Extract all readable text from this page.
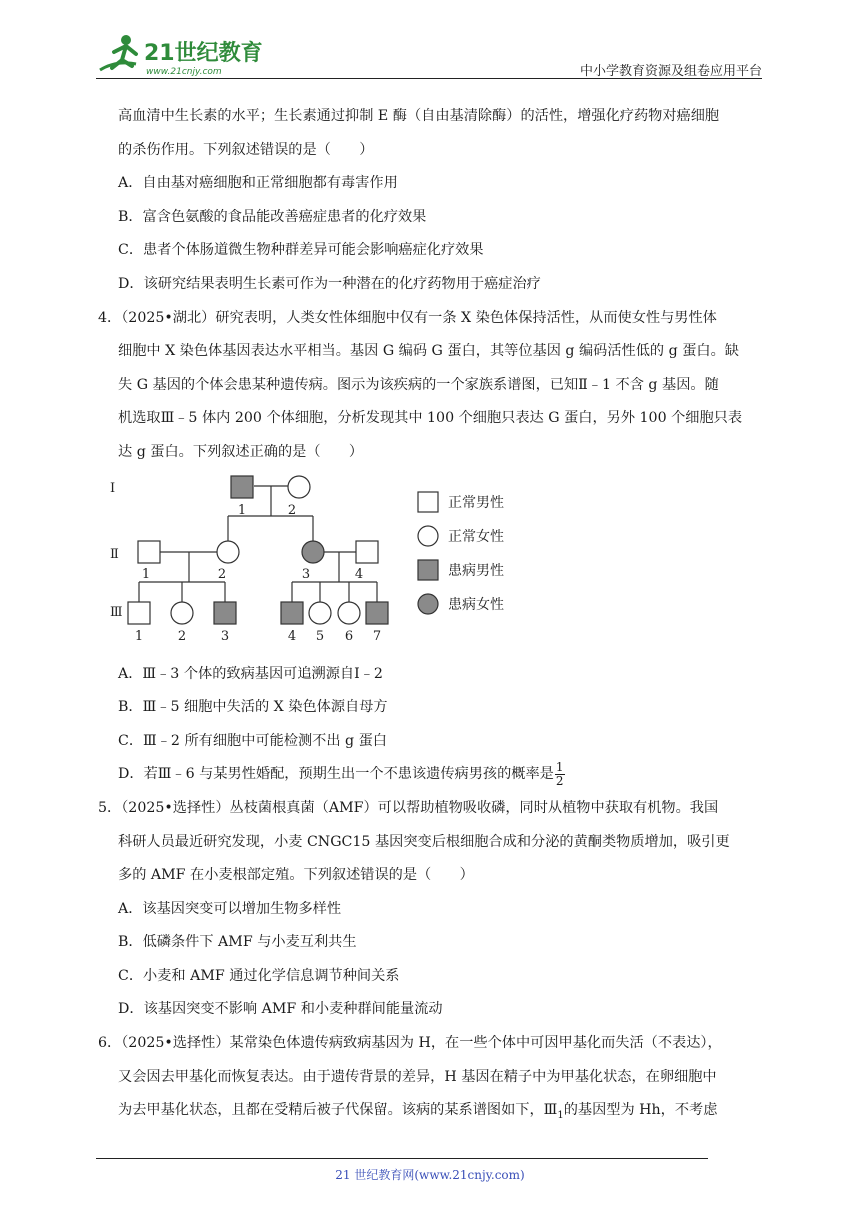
21世纪教育
www.21cnjy.com	中小学教育资源及组卷应用平台
高血清中生长素的水平；生长素通过抑制 E 酶（自由基清除酶）的活性，增强化疗药物对癌细胞
的杀伤作用。下列叙述错误的是（　　）
A．自由基对癌细胞和正常细胞都有毒害作用
B．富含色氨酸的食品能改善癌症患者的化疗效果
C．患者个体肠道微生物种群差异可能会影响癌症化疗效果
D．该研究结果表明生长素可作为一种潜在的化疗药物用于癌症治疗
4．（2025•湖北）研究表明，人类女性体细胞中仅有一条 X 染色体保持活性，从而使女性与男性体
细胞中 X 染色体基因表达水平相当。基因 G 编码 G 蛋白，其等位基因 g 编码活性低的 g 蛋白。缺
失 G 基因的个体会患某种遗传病。图示为该疾病的一个家族系谱图，已知Ⅱ﹣1 不含 g 基因。随
机选取Ⅲ﹣5 体内 200 个体细胞，分析发现其中 100 个细胞只表达 G 蛋白，另外 100 个细胞只表
达 g 蛋白。下列叙述正确的是（　　）
Ⅰ
Ⅱ
Ⅲ
1	2
1	2	3	4
1	2	3	4 5 6 7
正常男性
正常女性
患病男性
患病女性
A．Ⅲ﹣3 个体的致病基因可追溯源自Ⅰ﹣2
B．Ⅲ﹣5 细胞中失活的 X 染色体源自母方
C．Ⅲ﹣2 所有细胞中可能检测不出 g 蛋白
D．若Ⅲ﹣6 与某男性婚配，预期生出一个不患该遗传病男孩的概率是 $\frac{1}{2}$
5．（2025•选择性）丛枝菌根真菌（AMF）可以帮助植物吸收磷，同时从植物中获取有机物。我国
科研人员最近研究发现，小麦 CNGC15 基因突变后根细胞合成和分泌的黄酮类物质增加，吸引更
多的 AMF 在小麦根部定殖。下列叙述错误的是（　　）
A．该基因突变可以增加生物多样性
B．低磷条件下 AMF 与小麦互利共生
C．小麦和 AMF 通过化学信息调节种间关系
D．该基因突变不影响 AMF 和小麦种群间能量流动
6．（2025•选择性）某常染色体遗传病致病基因为 H，在一些个体中可因甲基化而失活（不表达），
又会因去甲基化而恢复表达。由于遗传背景的差异，H 基因在精子中为甲基化状态，在卵细胞中
为去甲基化状态，且都在受精后被子代保留。该病的某系谱图如下，$Ⅲ_1$的基因型为 Hh，不考虑
21 世纪教育网(www.21cnjy.com)
